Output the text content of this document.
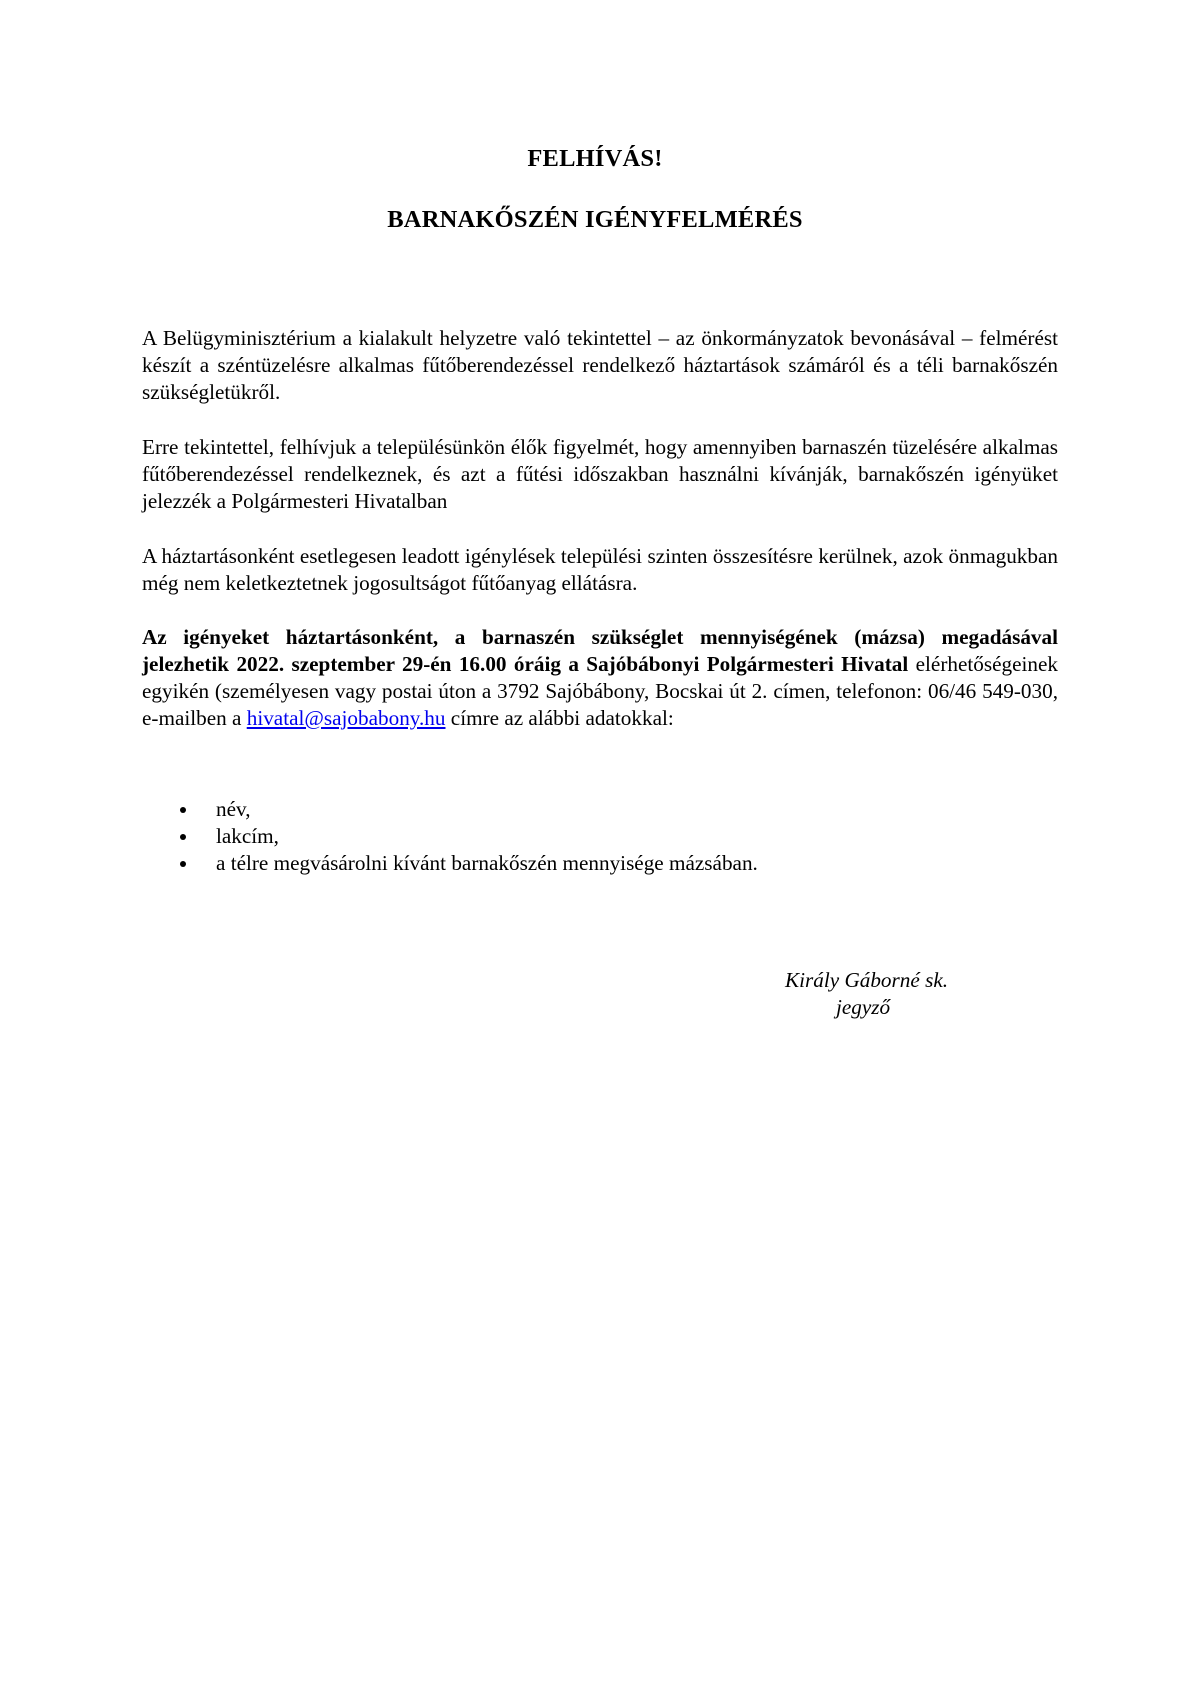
FELHÍVÁS!
BARNAKŐSZÉN IGÉNYFELMÉRÉS

A Belügyminisztérium a kialakult helyzetre való tekintettel – az önkormányzatok bevonásával – felmérést készít a széntüzelésre alkalmas fűtőberendezéssel rendelkező háztartások számáról és a téli barnakőszén szükségletükről.

Erre tekintettel, felhívjuk a településünkön élők figyelmét, hogy amennyiben barnaszén tüzelésére alkalmas fűtőberendezéssel rendelkeznek, és azt a fűtési időszakban használni kívánják, barnakőszén igényüket jelezzék a Polgármesteri Hivatalban

A háztartásonként esetlegesen leadott igénylések települési szinten összesítésre kerülnek, azok önmagukban még nem keletkeztetnek jogosultságot fűtőanyag ellátásra.

Az igényeket háztartásonként, a barnaszén szükséglet mennyiségének (mázsa) megadásával jelezhetik 2022. szeptember 29-én 16.00 óráig a Sajóbábonyi Polgármesteri Hivatal elérhetőségeinek egyikén (személyesen vagy postai úton a 3792 Sajóbábony, Bocskai út 2. címen, telefonon: 06/46 549-030, e-mailben a hivatal@sajobabony.hu címre az alábbi adatokkal:

név,
lakcím,
a télre megvásárolni kívánt barnakőszén mennyisége mázsában.
Király Gáborné sk.
jegyző
